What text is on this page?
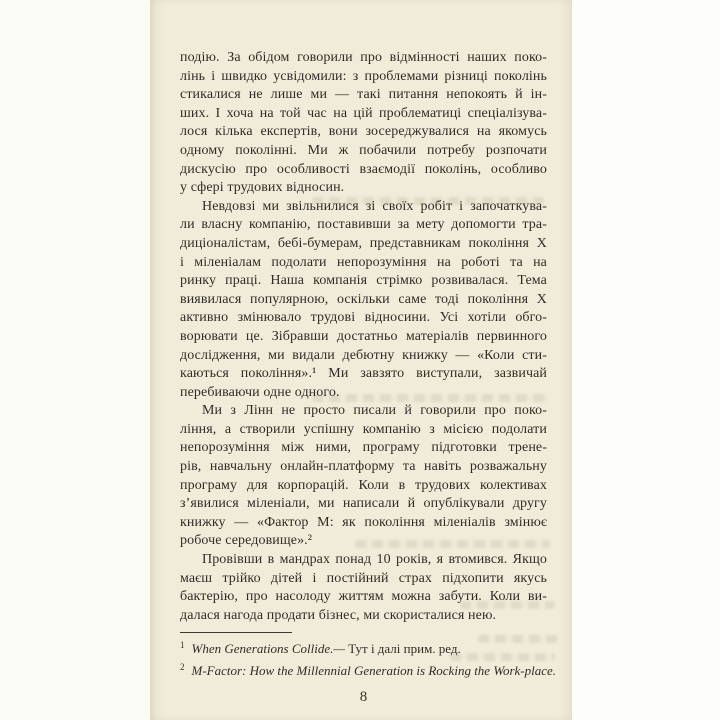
подію. За обідом говорили про відмінності наших поко-
лінь і швидко усвідомили: з проблемами різниці поколінь
стикалися не лише ми — такі питання непокоять й ін-
ших. І хоча на той час на цій проблематиці спеціалізува-
лося кілька експертів, вони зосереджувалися на якомусь
одному поколінні. Ми ж побачили потребу розпочати
дискусію про особливості взаємодії поколінь, особливо
у сфері трудових відносин.
Невдовзі ми звільнилися зі своїх робіт і започаткува-
ли власну компанію, поставивши за мету допомогти тра-
диціоналістам, бебі-бумерам, представникам покоління X
і міленіалам подолати непорозуміння на роботі та на
ринку праці. Наша компанія стрімко розвивалася. Тема
виявилася популярною, оскільки саме тоді покоління X
активно змінювало трудові відносини. Усі хотіли обго-
ворювати це. Зібравши достатньо матеріалів первинного
дослідження, ми видали дебютну книжку — «Коли сти-
каються покоління».¹ Ми завзято виступали, зазвичай
перебиваючи одне одного.
Ми з Лінн не просто писали й говорили про поко-
ління, а створили успішну компанію з місією подолати
непорозуміння між ними, програму підготовки трене-
рів, навчальну онлайн-платформу та навіть розважальну
програму для корпорацій. Коли в трудових колективах
з’явилися міленіали, ми написали й опублікували другу
книжку — «Фактор М: як покоління міленіалів змінює
робоче середовище».²
Провівши в мандрах понад 10 років, я втомився. Якщо
маєш трійко дітей і постійний страх підхопити якусь
бактерію, про насолоду життям можна забути. Коли ви-
далася нагода продати бізнес, ми скористалися нею.
$^1$ When Generations Collide.— Тут і далі прим. ред.
$^2$ M-Factor: How the Millennial Generation is Rocking the Work-place.
8
